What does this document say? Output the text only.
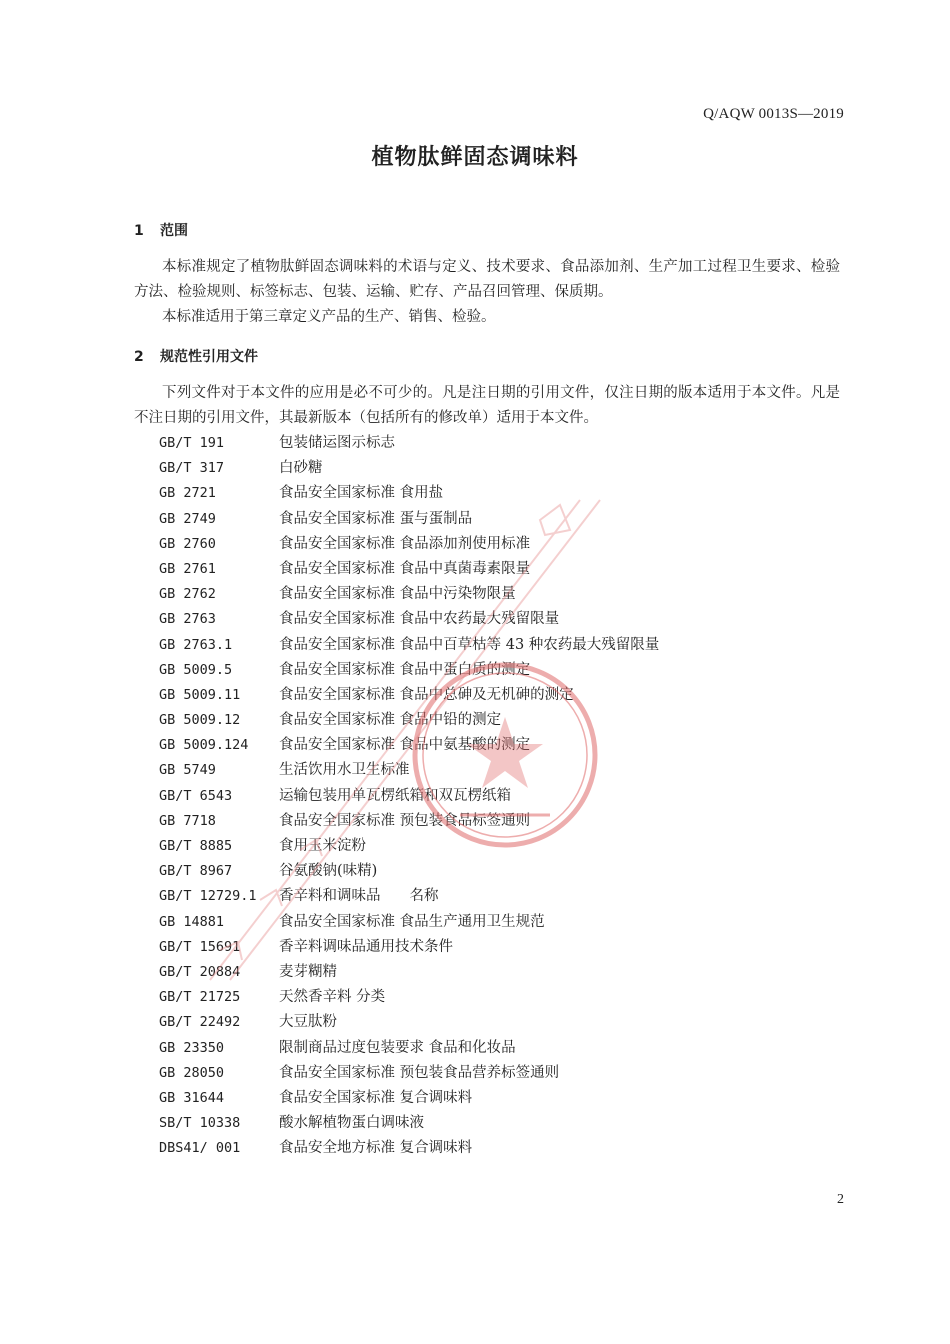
Q/AQW 0013S—2019
植物肽鲜固态调味料
1 范围

本标准规定了植物肽鲜固态调味料的术语与定义、技术要求、食品添加剂、生产加工过程卫生要求、检验方法、检验规则、标签标志、包装、运输、贮存、产品召回管理、保质期。

本标准适用于第三章定义产品的生产、销售、检验。

2 规范性引用文件

下列文件对于本文件的应用是必不可少的。凡是注日期的引用文件，仅注日期的版本适用于本文件。凡是不注日期的引用文件，其最新版本（包括所有的修改单）适用于本文件。

GB/T 191	包装储运图示标志
GB/T 317	白砂糖
GB 2721	食品安全国家标准 食用盐
GB 2749	食品安全国家标准 蛋与蛋制品
GB 2760	食品安全国家标准 食品添加剂使用标准
GB 2761	食品安全国家标准 食品中真菌毒素限量
GB 2762	食品安全国家标准 食品中污染物限量
GB 2763	食品安全国家标准 食品中农药最大残留限量
GB 2763.1	食品安全国家标准 食品中百草枯等 43 种农药最大残留限量
GB 5009.5	食品安全国家标准 食品中蛋白质的测定
GB 5009.11	食品安全国家标准 食品中总砷及无机砷的测定
GB 5009.12	食品安全国家标准 食品中铅的测定
GB 5009.124 食品安全国家标准 食品中氨基酸的测定
GB 5749	生活饮用水卫生标准
GB/T 6543	运输包装用单瓦楞纸箱和双瓦楞纸箱
GB 7718	食品安全国家标准 预包装食品标签通则
GB/T 8885	食用玉米淀粉
GB/T 8967	谷氨酸钠(味精)
GB/T 12729.1 香辛料和调味品　　名称
GB 14881	食品安全国家标准 食品生产通用卫生规范
GB/T 15691	香辛料调味品通用技术条件
GB/T 20884	麦芽糊精
GB/T 21725	天然香辛料 分类
GB/T 22492	大豆肽粉
GB 23350	限制商品过度包装要求 食品和化妆品
GB 28050	食品安全国家标准 预包装食品营养标签通则
GB 31644	食品安全国家标准 复合调味料
SB/T 10338	酸水解植物蛋白调味液
DBS41/ 001	食品安全地方标准 复合调味料
2
